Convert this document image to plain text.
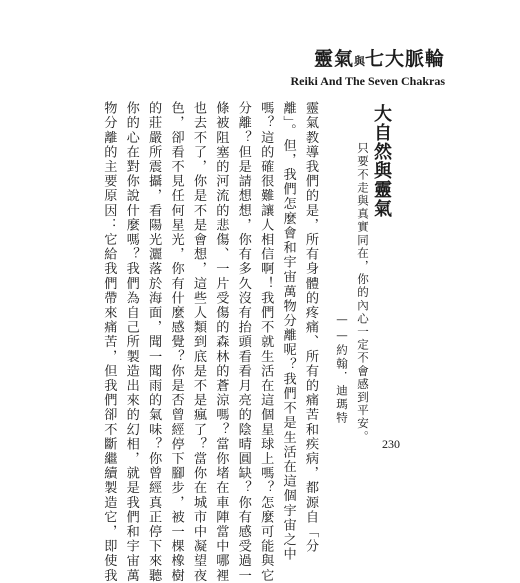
靈氣與七大脈輪
Reiki And The Seven Chakras
大自然與靈氣
只要不走與真實同在，你的內心一定不會感到平安。
——約翰．迪瑪特

靈氣教導我們的是，所有身體的疼痛、所有的痛苦和疾病，都源自「分

離」。但，我們怎麼會和宇宙萬物分離呢？我們不是生活在這個宇宙之中

嗎？這的確很難讓人相信啊！我們不就生活在這個星球上嗎？怎麼可能與它

分離？但是請想想，你有多久沒有抬頭看看月亮的陰晴圓缺？你有感受過一

條被阻塞的河流的悲傷、一片受傷的森林的蒼涼嗎？當你堵在車陣當中哪裡

也去不了，你是不是會想，這些人類到底是不是瘋了？當你在城市中凝望夜

色，卻看不見任何星光，你有什麼感覺？你是否曾經停下腳步，被一棵橡樹

的莊嚴所震攝，看陽光灑落於海面，聞一聞雨的氣味？你曾經真正停下來聽

你的心在對你說什麼嗎？我們為自己所製造出來的幻相，就是我們和宇宙萬

物分離的主要原因：它給我們帶來痛苦，但我們卻不斷繼續製造它，即使我	230
